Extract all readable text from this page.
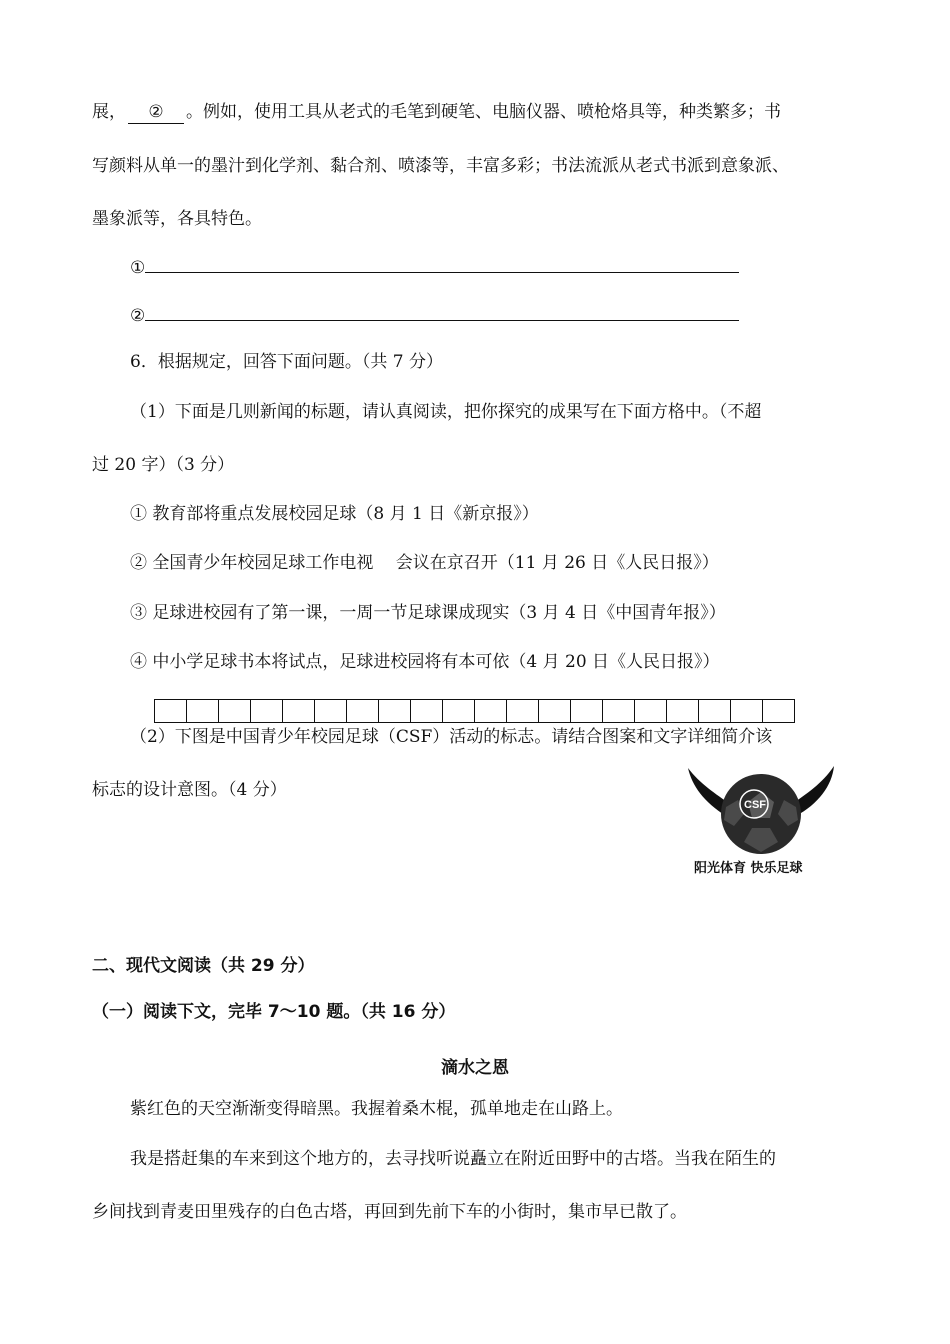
展， ② 。例如，使用工具从老式的毛笔到硬笔、电脑仪器、喷枪烙具等，种类繁多；书
写颜料从单一的墨汁到化学剂、黏合剂、喷漆等，丰富多彩；书法流派从老式书派到意象派、
墨象派等，各具特色。
①
②
6．根据规定，回答下面问题。（共 7 分）
（1）下面是几则新闻的标题，请认真阅读，把你探究的成果写在下面方格中。（不超
过 20 字）（3 分）
① 教育部将重点发展校园足球（8 月 1 日《新京报》）
② 全国青少年校园足球工作电视　 会议在京召开（11 月 26 日《人民日报》）
③ 足球进校园有了第一课，一周一节足球课成现实（3 月 4 日《中国青年报》）
④ 中小学足球书本将试点，足球进校园将有本可依（4 月 20 日《人民日报》）
（2）下图是中国青少年校园足球（CSF）活动的标志。请结合图案和文字详细简介该
标志的设计意图。（4 分）
CSF
阳光体育 快乐足球
二、现代文阅读（共 29 分）
（一）阅读下文，完毕 7～10 题。（共 16 分）
滴水之恩
紫红色的天空渐渐变得暗黑。我握着桑木棍，孤单地走在山路上。
我是搭赶集的车来到这个地方的，去寻找听说矗立在附近田野中的古塔。当我在陌生的
乡间找到青麦田里残存的白色古塔，再回到先前下车的小街时，集市早已散了。
